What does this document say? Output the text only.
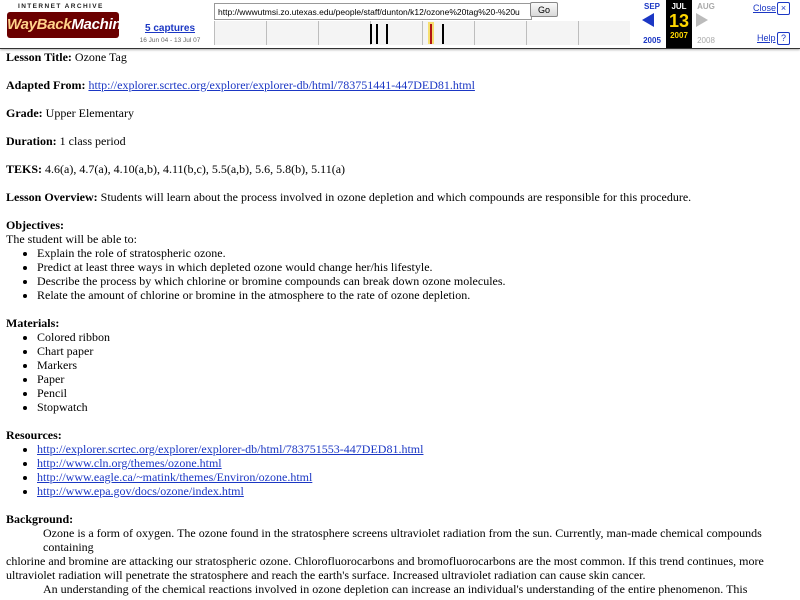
INTERNET ARCHIVE
WayBackMachine
http://wwwutmsi.zo.utexas.edu/people/staff/dunton/k12/ozone%20tag%20-%20u
Go
5 captures
16 Jun 04 - 13 Jul 07
SEP
2005
JUL
13
2007
AUG
2008
Close ×
Help ?

Lesson Title: Ozone Tag

Adapted From: http://explorer.scrtec.org/explorer/explorer-db/html/783751441-447DED81.html

Grade: Upper Elementary

Duration: 1 class period

TEKS: 4.6(a), 4.7(a), 4.10(a,b), 4.11(b,c), 5.5(a,b), 5.6, 5.8(b), 5.11(a)

Lesson Overview: Students will learn about the process involved in ozone depletion and which compounds are responsible for this procedure.

Objectives:
The student will be able to:
• Explain the role of stratospheric ozone.
• Predict at least three ways in which depleted ozone would change her/his lifestyle.
• Describe the process by which chlorine or bromine compounds can break down ozone molecules.
• Relate the amount of chlorine or bromine in the atmosphere to the rate of ozone depletion.
Materials:
• Colored ribbon
• Chart paper
• Markers
• Paper
• Pencil
• Stopwatch
Resources:
• http://explorer.scrtec.org/explorer/explorer-db/html/783751553-447DED81.html
• http://www.cln.org/themes/ozone.html
• http://www.eagle.ca/~matink/themes/Environ/ozone.html
• http://www.epa.gov/docs/ozone/index.html
Background:

Ozone is a form of oxygen. The ozone found in the stratosphere screens ultraviolet radiation from the sun. Currently, man-made chemical compounds containing

chlorine and bromine are attacking our stratospheric ozone. Chlorofluorocarbons and bromofluorocarbons are the most common. If this trend continues, more ultraviolet radiation will penetrate the stratosphere and reach the earth's surface. Increased ultraviolet radiation can cause skin cancer.

An understanding of the chemical reactions involved in ozone depletion can increase an individual's understanding of the entire phenomenon. This
